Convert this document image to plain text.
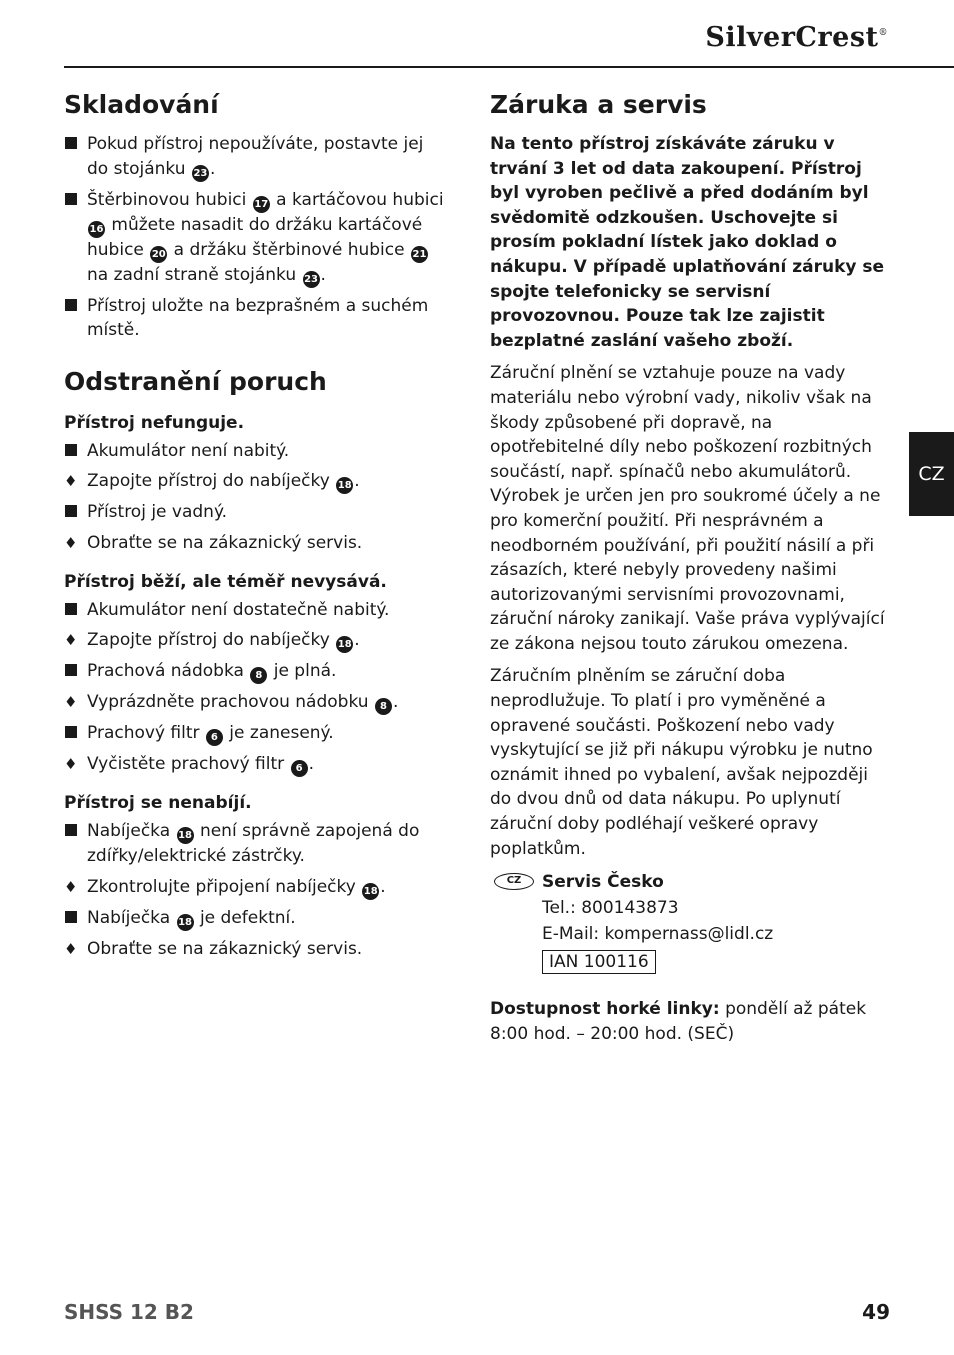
SilverCrest®
Skladování
Pokud přístroj nepoužíváte, postavte jej do stojánku 23 .
Štěrbinovou hubici 17 a kartáčovou hubici 16 můžete nasadit do držáku kartáčové hubice 20 a držáku štěrbinové hubice 21 na zadní straně stojánku 23 .
Přístroj uložte na bezprašném a suchém místě.
Odstranění poruch
Přístroj nefunguje.
Akumulátor není nabitý.
♦ Zapojte přístroj do nabíječky 18 .
Přístroj je vadný.
♦ Obraťte se na zákaznický servis.
Přístroj běží, ale téměř nevysává.
Akumulátor není dostatečně nabitý.
♦ Zapojte přístroj do nabíječky 18 .
Prachová nádobka 8 je plná.
♦ Vyprázdněte prachovou nádobku 8 .
Prachový filtr 6 je zanesený.
♦ Vyčistěte prachový filtr 6 .
Přístroj se nenabíjí.
Nabíječka 18 není správně zapojená do zdířky/elektrické zástrčky.
♦ Zkontrolujte připojení nabíječky 18 .
Nabíječka 18 je defektní.
♦ Obraťte se na zákaznický servis.
Záruka a servis

Na tento přístroj získáváte záruku v trvání 3 let od data zakoupení. Přístroj byl vyroben pečlivě a před dodáním byl svědomitě odzkoušen. Uschovejte si prosím pokladní lístek jako doklad o nákupu. V případě uplatňování záruky se spojte telefonicky se servisní provozovnou. Pouze tak lze zajistit bezplatné zaslání vašeho zboží.

Záruční plnění se vztahuje pouze na vady materiálu nebo výrobní vady, nikoliv však na škody způsobené při dopravě, na opotřebitelné díly nebo poškození rozbitných součástí, např. spínačů nebo akumulátorů. Výrobek je určen jen pro soukromé účely a ne pro komerční použití. Při nesprávném a neodborném používání, při použití násilí a při zásazích, které nebyly provedeny našimi autorizovanými servisními provozovnami, záruční nároky zanikají. Vaše práva vyplývající ze zákona nejsou touto zárukou omezena.

Záručním plněním se záruční doba neprodlužuje. To platí i pro vyměněné a opravené součásti. Poškození nebo vady vyskytující se již při nákupu výrobku je nutno oznámit ihned po vybalení, avšak nejpozději do dvou dnů od data nákupu. Po uplynutí záruční doby podléhají veškeré opravy poplatkům.

CZ	Servis Česko
Tel.: 800143873
E-Mail: kompernass@lidl.cz
IAN 100116
Dostupnost horké linky: pondělí až pátek
8:00 hod. – 20:00 hod. (SEČ)
CZ
SHSS 12 B2	49
